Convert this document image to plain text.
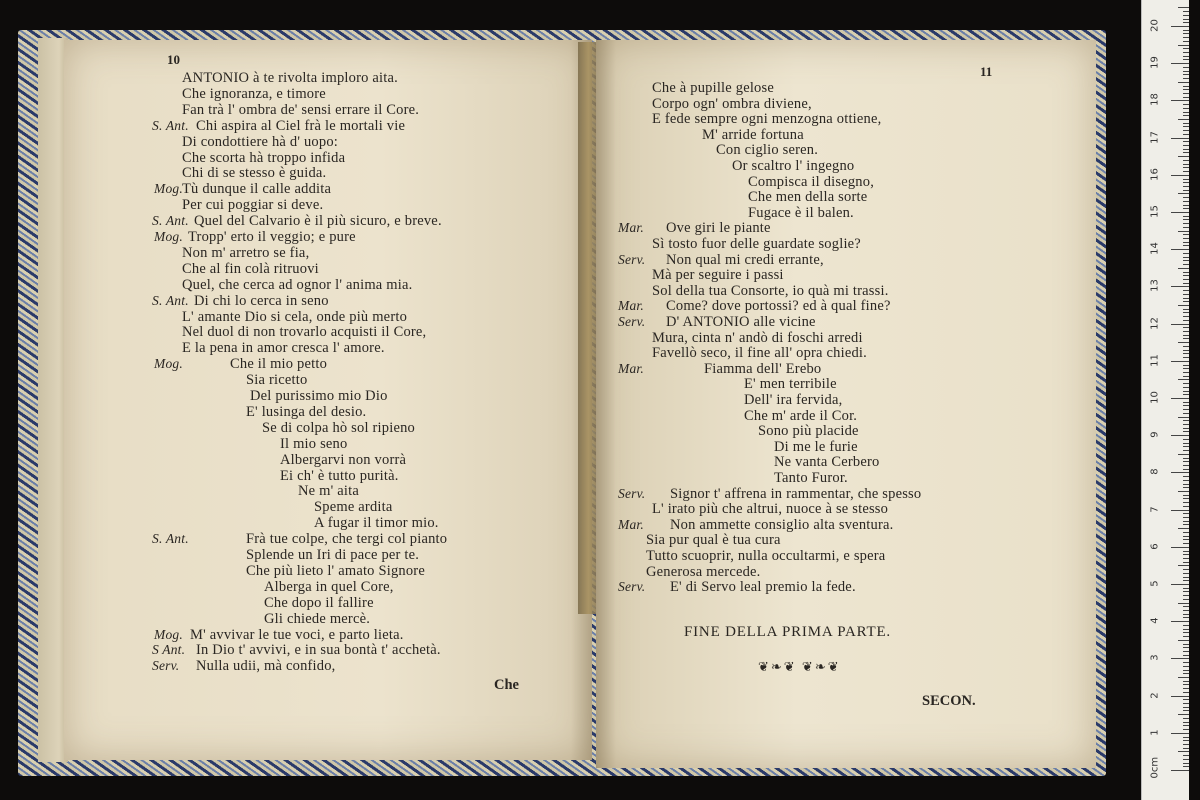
10
ANTONIO à te rivolta imploro aita.
Che ignoranza, e timore
Fan trà l' ombra de' sensi errare il Core.
S. Ant. Chi aspira al Ciel frà le mortali vie
Di condottiere hà d' uopo:
Che scorta hà troppo infida
Chi di se stesso è guida.
Mog. Tù dunque il calle addita
Per cui poggiar si deve.
S. Ant. Quel del Calvario è il più sicuro, e breve.
Mog. Tropp' erto il veggio; e pure
Non m' arretro se fia,
Che al fin colà ritruovi
Quel, che cerca ad ognor l' anima mia.
S. Ant. Di chi lo cerca in seno
L' amante Dio si cela, onde più merto
Nel duol di non trovarlo acquisti il Core,
E la pena in amor cresca l' amore.
Mog.	Che il mio petto
Sia ricetto
Del purissimo mio Dio
E' lusinga del desio.
Se di colpa hò sol ripieno
Il mio seno
Albergarvi non vorrà
Ei ch' è tutto purità.
Ne m' aita
Speme ardita
A fugar il timor mio.
S. Ant.	Frà tue colpe, che tergi col pianto
Splende un Iri di pace per te.
Che più lieto l' amato Signore
Alberga in quel Core,
Che dopo il fallire
Gli chiede mercè.
Mog. M' avvivar le tue voci, e parto lieta.
S Ant. In Dio t' avvivi, e in sua bontà t' acchetà.
Serv. Nulla udii, mà confido,
Che
11
Che à pupille gelose
Corpo ogn' ombra diviene,
E fede sempre ogni menzogna ottiene,
M' arride fortuna
Con ciglio seren.
Or scaltro l' ingegno
Compisca il disegno,
Che men della sorte
Fugace è il balen.
Mar. Ove giri le piante
Sì tosto fuor delle guardate soglie?
Serv. Non qual mi credi errante,
Mà per seguire i passi
Sol della tua Consorte, io quà mi trassi.
Mar. Come? dove portossi? ed à qual fine?
Serv. D' ANTONIO alle vicine
Mura, cinta n' andò di foschi arredi
Favellò seco, il fine all' opra chiedi.
Mar.	Fiamma dell' Erebo
E' men terribile
Dell' ira fervida,
Che m' arde il Cor.
Sono più placide
Di me le furie
Ne vanta Cerbero
Tanto Furor.
Serv. Signor t' affrena in rammentar, che spesso
L' irato più che altrui, nuoce à se stesso
Mar. Non ammette consiglio alta sventura.
Sia pur qual è tua cura
Tutto scuoprir, nulla occultarmi, e spera
Generosa mercede.
Serv. E' di Servo leal premio la fede.
FINE DELLA PRIMA PARTE.
❦❧❦ ❦❧❦
SECON.
0cm
1
2
3
4
5
6
7
8
9
10
11
12
13
14
15
16
17
18
19
20
